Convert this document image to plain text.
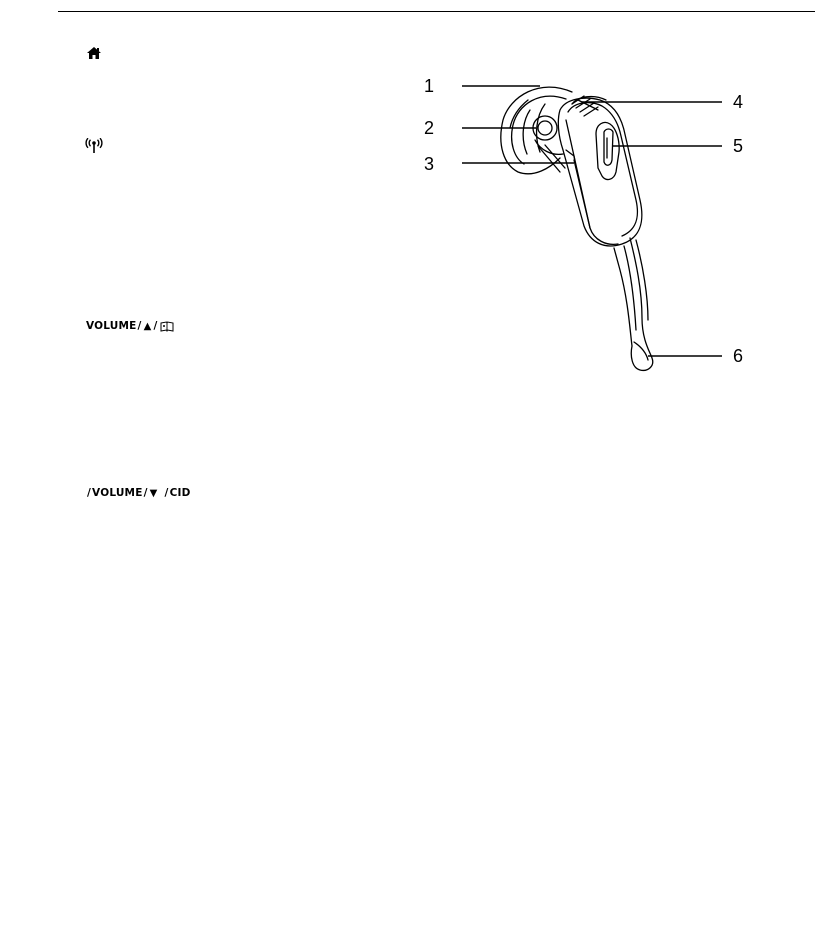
VOLUME / ▲ /
/ VOLUME / ▼ / CID
1
2
3
4
5
6
